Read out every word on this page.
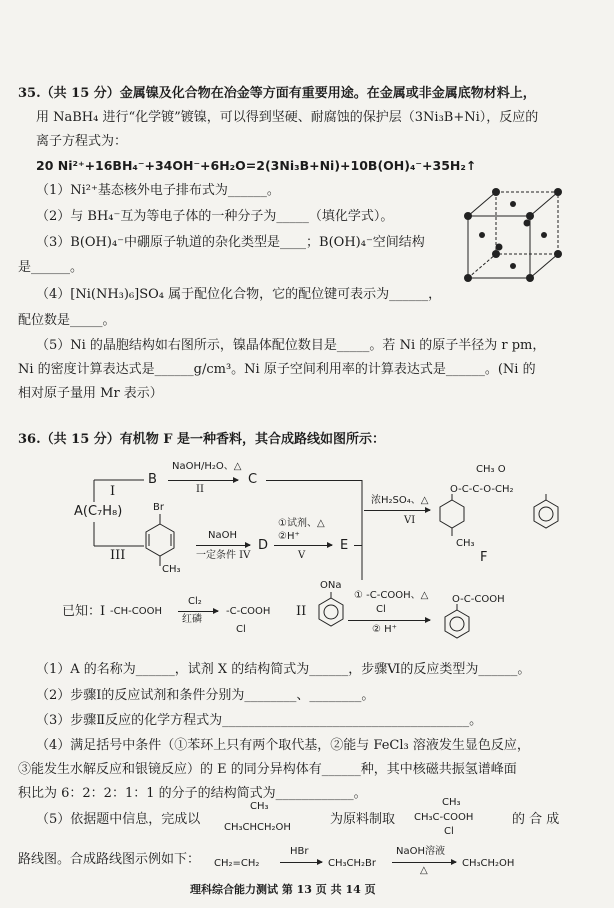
35.（共 15 分）金属镍及化合物在冶金等方面有重要用途。在金属或非金属底物材料上，
用 NaBH₄ 进行“化学镀”镀镍，可以得到坚硬、耐腐蚀的保护层（3Ni₃B+Ni），反应的
离子方程式为：
20 Ni²⁺+16BH₄⁻+34OH⁻+6H₂O=2(3Ni₃B+Ni)+10B(OH)₄⁻+35H₂↑
（1）Ni²⁺基态核外电子排布式为______。
（2）与 BH₄⁻互为等电子体的一种分子为_____（填化学式）。
（3）B(OH)₄⁻中硼原子轨道的杂化类型是____；B(OH)₄⁻空间结构
是______。
（4）[Ni(NH₃)₆]SO₄ 属于配位化合物，它的配位键可表示为______，
配位数是_____。
（5）Ni 的晶胞结构如右图所示，镍晶体配位数目是_____。若 Ni 的原子半径为 r pm，
Ni 的密度计算表达式是______g/cm³。Ni 原子空间利用率的计算表达式是______。(Ni 的
相对原子量用 Mr 表示）
36.（共 15 分）有机物 F 是一种香料，其合成路线如图所示：
A(C₇H₈)
I
III
B
NaOH/H₂O、△
II
C
Br
CH₃
NaOH
一定条件 IV
D
①试剂、△
②H⁺
V
E
浓H₂SO₄、△
VI
CH₃ O
O-C-C-O-CH₂
CH₃
F
已知：
I -CH-COOH
Cl₂
红磷
-C-COOH
Cl
II
ONa
① -C-COOH、△
Cl
② H⁺
O-C-COOH
（1）A 的名称为______，试剂 X 的结构简式为______，步骤Ⅵ的反应类型为______。
（2）步骤Ⅰ的反应试剂和条件分别为________、________。
（3）步骤Ⅱ反应的化学方程式为______________________________________。
（4）满足括号中条件（①苯环上只有两个取代基，②能与 FeCl₃ 溶液发生显色反应，
③能发生水解反应和银镜反应）的 E 的同分异构体有______种，其中核磁共振氢谱峰面
积比为 6：2：2：1：1 的分子的结构简式为____________。
（5）依据题中信息，完成以
CH₃
CH₃CHCH₂OH
为原料制取
CH₃
CH₃C-COOH
Cl
的 合 成
路线图。合成路线图示例如下： CH₂=CH₂
HBr
CH₃CH₂Br
NaOH溶液
△
CH₃CH₂OH
理科综合能力测试 第 13 页 共 14 页
